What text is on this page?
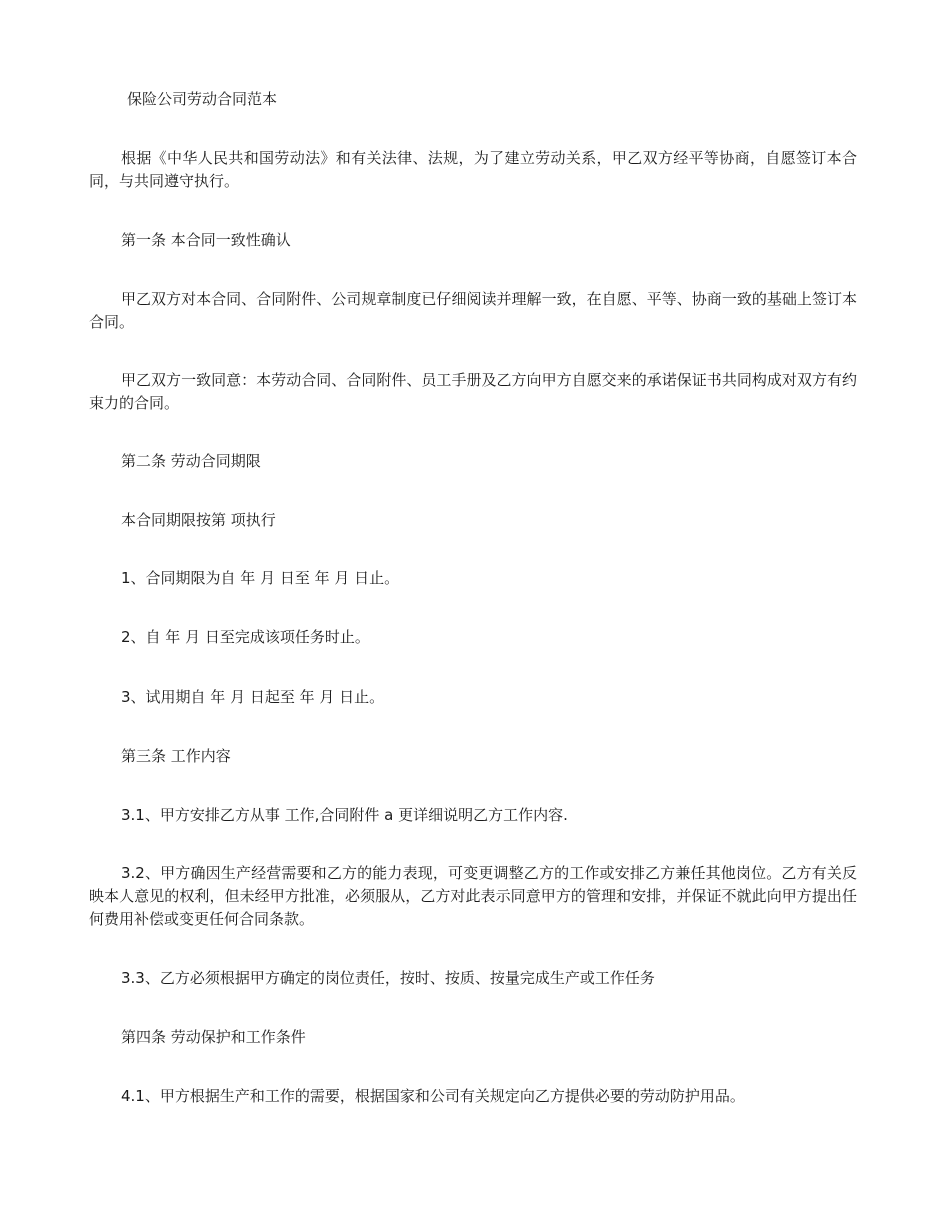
保险公司劳动合同范本

根据《中华人民共和国劳动法》和有关法律、法规，为了建立劳动关系，甲乙双方经平等协商，自愿签订本合同，与共同遵守执行。

第一条 本合同一致性确认

甲乙双方对本合同、合同附件、公司规章制度已仔细阅读并理解一致，在自愿、平等、协商一致的基础上签订本合同。

甲乙双方一致同意：本劳动合同、合同附件、员工手册及乙方向甲方自愿交来的承诺保证书共同构成对双方有约束力的合同。

第二条 劳动合同期限

本合同期限按第 项执行

1、合同期限为自 年 月 日至 年 月 日止。

2、自 年 月 日至完成该项任务时止。

3、试用期自 年 月 日起至 年 月 日止。

第三条 工作内容

3.1、甲方安排乙方从事 工作,合同附件 a 更详细说明乙方工作内容.

3.2、甲方确因生产经营需要和乙方的能力表现，可变更调整乙方的工作或安排乙方兼任其他岗位。乙方有关反映本人意见的权利，但未经甲方批准，必须服从，乙方对此表示同意甲方的管理和安排，并保证不就此向甲方提出任何费用补偿或变更任何合同条款。

3.3、乙方必须根据甲方确定的岗位责任，按时、按质、按量完成生产或工作任务

第四条 劳动保护和工作条件

4.1、甲方根据生产和工作的需要，根据国家和公司有关规定向乙方提供必要的劳动防护用品。
